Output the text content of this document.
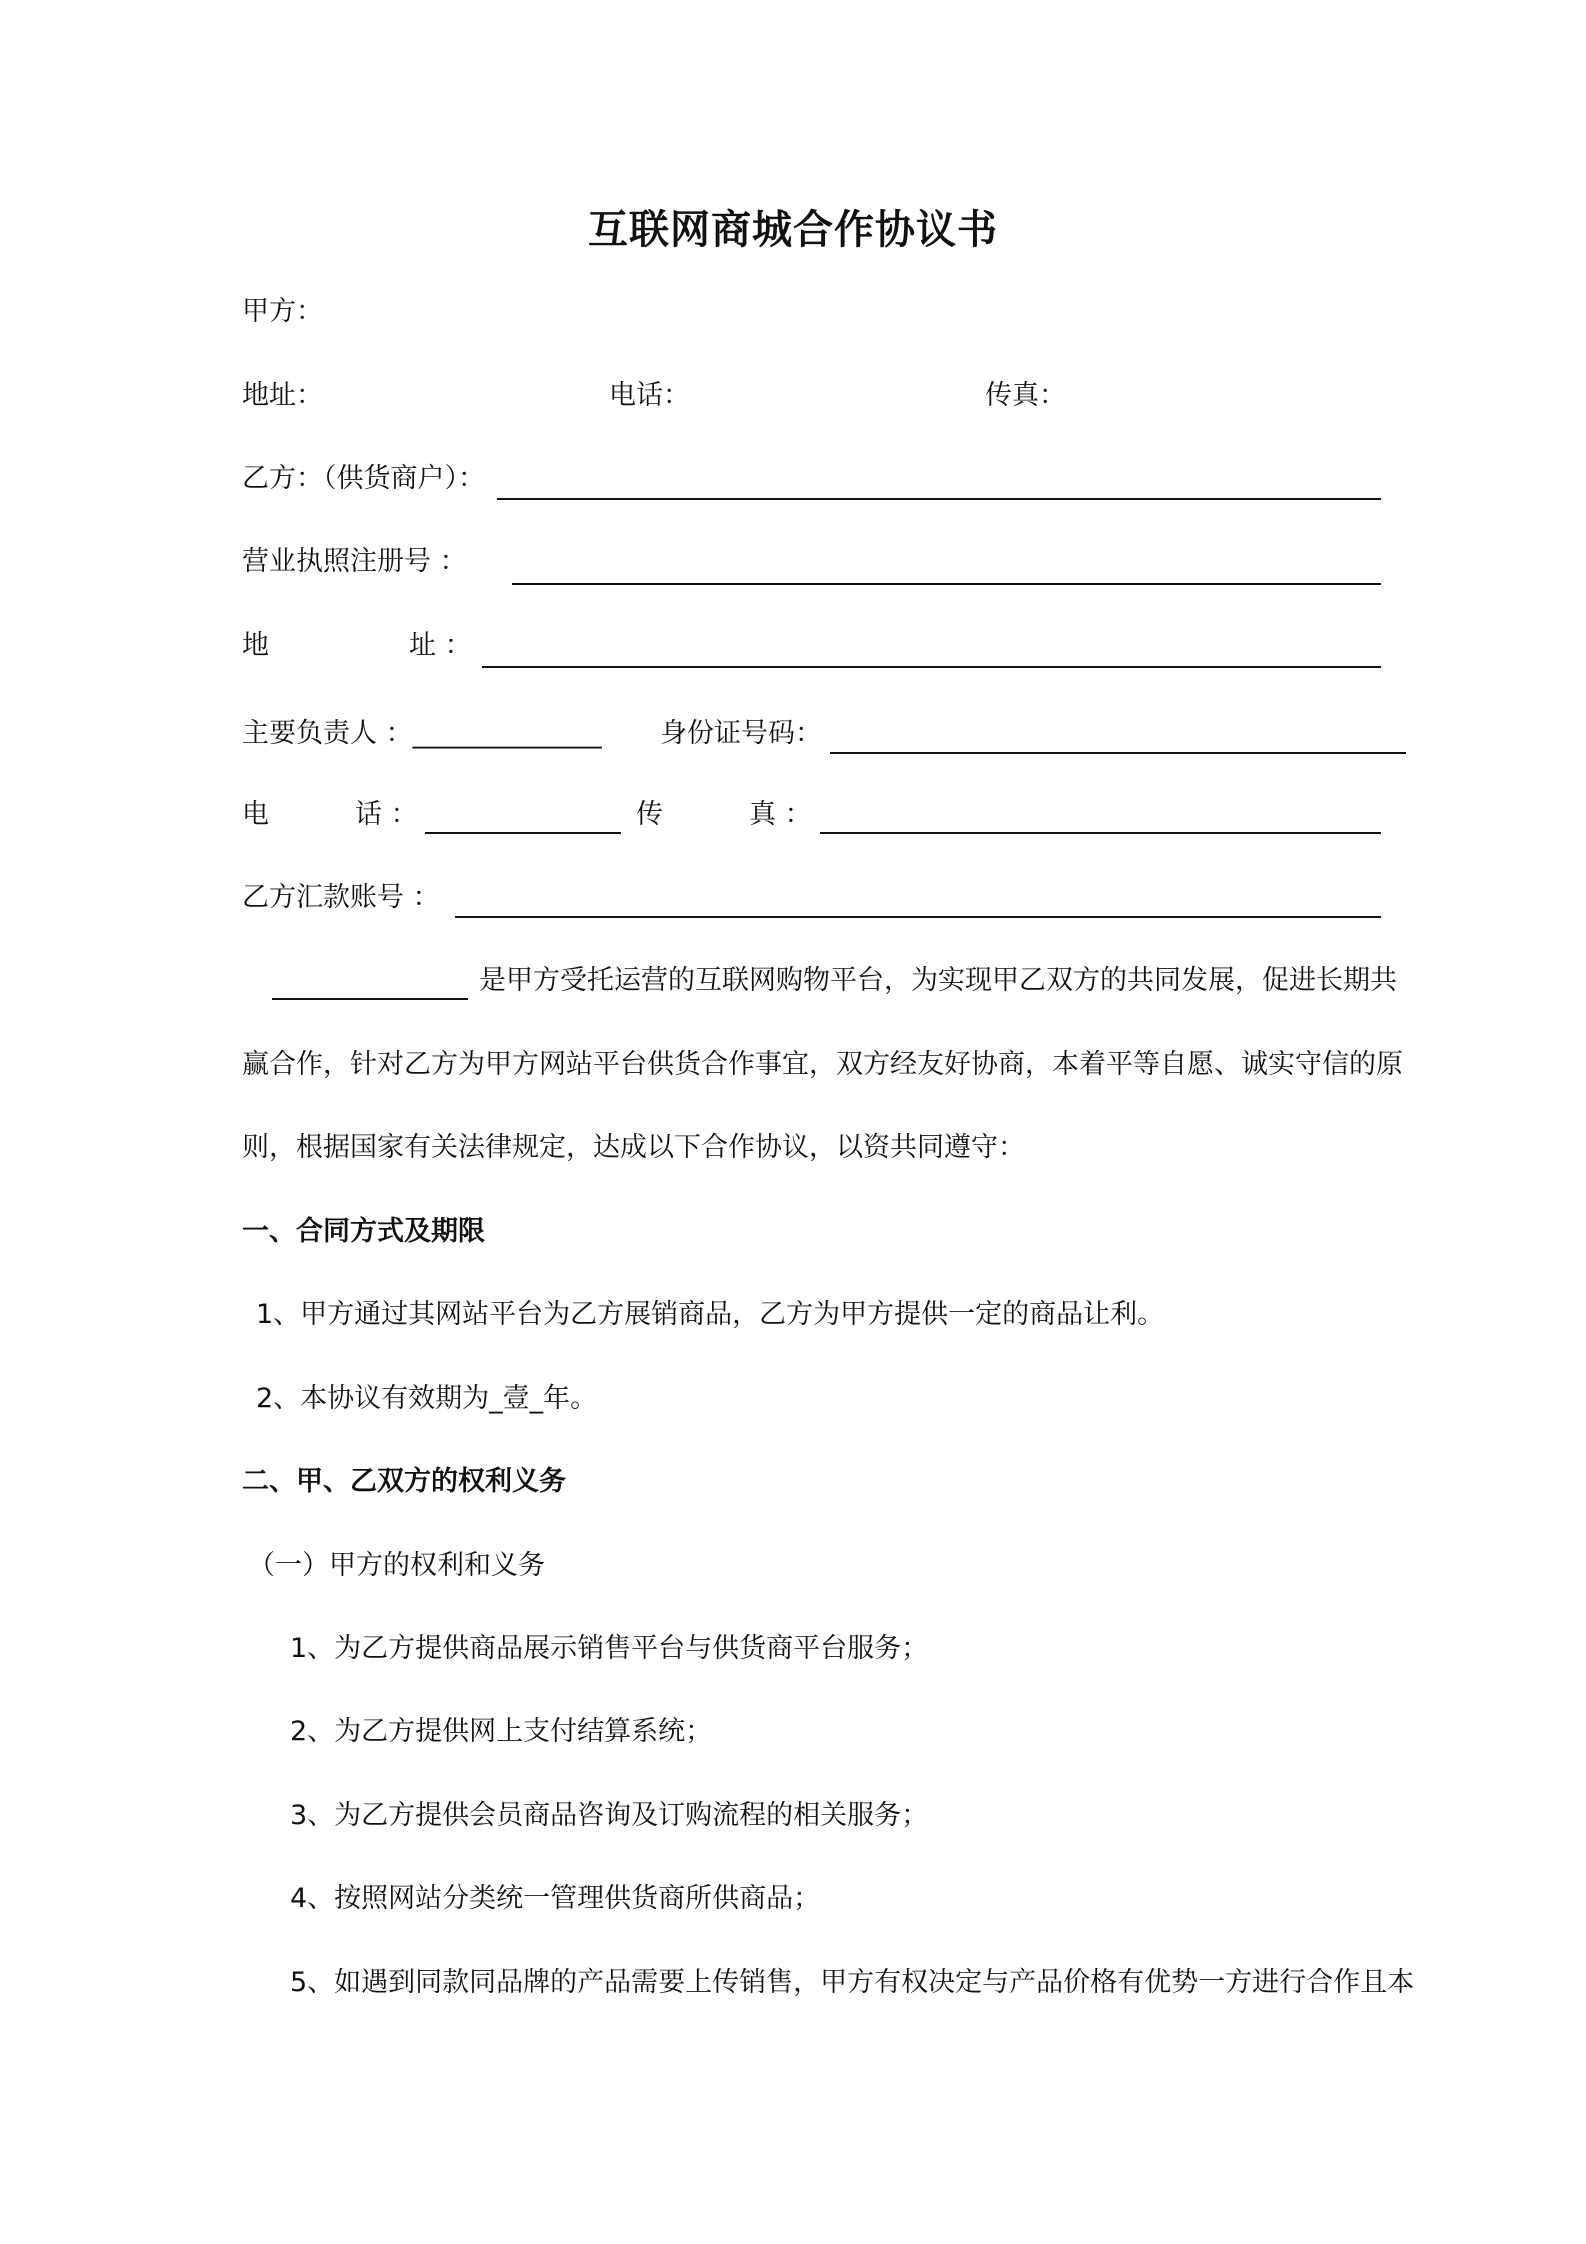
互联网商城合作协议书
甲方：
地址：	电话：	传真：
乙方：（供货商户）：
营业执照注册号 ：
地	址 ：
主要负责人 ：______________ 身份证号码：
电	话 ：	传	真 ：
乙方汇款账号 ：
是甲方受托运营的互联网购物平台，为实现甲乙双方的共同发展，促进长期共
赢合作，针对乙方为甲方网站平台供货合作事宜，双方经友好协商，本着平等自愿、诚实守信的原
则，根据国家有关法律规定，达成以下合作协议，以资共同遵守：
一、合同方式及期限
1、甲方通过其网站平台为乙方展销商品，乙方为甲方提供一定的商品让利。
2、本协议有效期为_壹_年。
二、甲、乙双方的权利义务
（一）甲方的权利和义务
1、为乙方提供商品展示销售平台与供货商平台服务；
2、为乙方提供网上支付结算系统；
3、为乙方提供会员商品咨询及订购流程的相关服务；
4、按照网站分类统一管理供货商所供商品；
5、如遇到同款同品牌的产品需要上传销售，甲方有权决定与产品价格有优势一方进行合作且本
